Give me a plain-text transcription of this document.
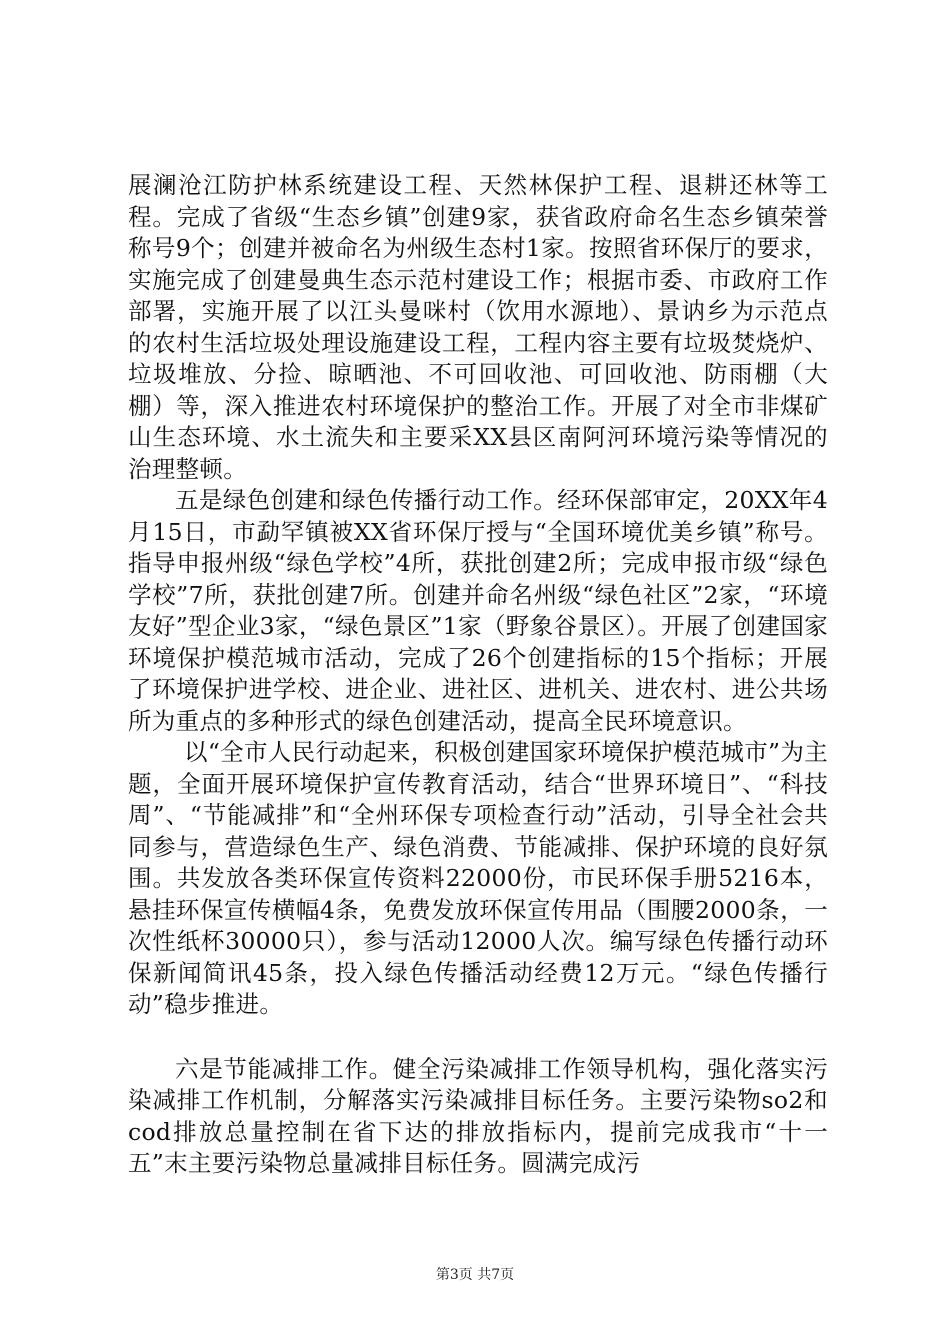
展澜沧江防护林系统建设工程、天然林保护工程、退耕还林等工程。完成了省级“生态乡镇”创建9家，获省政府命名生态乡镇荣誉称号9个；创建并被命名为州级生态村1家。按照省环保厅的要求，实施完成了创建曼典生态示范村建设工作；根据市委、市政府工作部署，实施开展了以江头曼咪村（饮用水源地）、景讷乡为示范点的农村生活垃圾处理设施建设工程，工程内容主要有垃圾焚烧炉、垃圾堆放、分捡、晾晒池、不可回收池、可回收池、防雨棚（大棚）等，深入推进农村环境保护的整治工作。开展了对全市非煤矿山生态环境、水土流失和主要采XX县区南阿河环境污染等情况的治理整顿。

五是绿色创建和绿色传播行动工作。经环保部审定，20XX年4月15日，市勐罕镇被XX省环保厅授与“全国环境优美乡镇”称号。指导申报州级“绿色学校”4所，获批创建2所；完成申报市级“绿色学校”7所，获批创建7所。创建并命名州级“绿色社区”2家，“环境友好”型企业3家，“绿色景区”1家（野象谷景区）。开展了创建国家环境保护模范城市活动，完成了26个创建指标的15个指标；开展了环境保护进学校、进企业、进社区、进机关、进农村、进公共场所为重点的多种形式的绿色创建活动，提高全民环境意识。

以“全市人民行动起来，积极创建国家环境保护模范城市”为主题，全面开展环境保护宣传教育活动，结合“世界环境日”、“科技周”、“节能减排”和“全州环保专项检查行动”活动，引导全社会共同参与，营造绿色生产、绿色消费、节能减排、保护环境的良好氛围。共发放各类环保宣传资料22000份，市民环保手册5216本，悬挂环保宣传横幅4条，免费发放环保宣传用品（围腰2000条，一次性纸杯30000只），参与活动12000人次。编写绿色传播行动环保新闻简讯45条，投入绿色传播活动经费12万元。“绿色传播行动”稳步推进。

六是节能减排工作。健全污染减排工作领导机构，强化落实污染减排工作机制，分解落实污染减排目标任务。主要污染物so2和cod排放总量控制在省下达的排放指标内，提前完成我市“十一五”末主要污染物总量减排目标任务。圆满完成污

第3页 共7页
